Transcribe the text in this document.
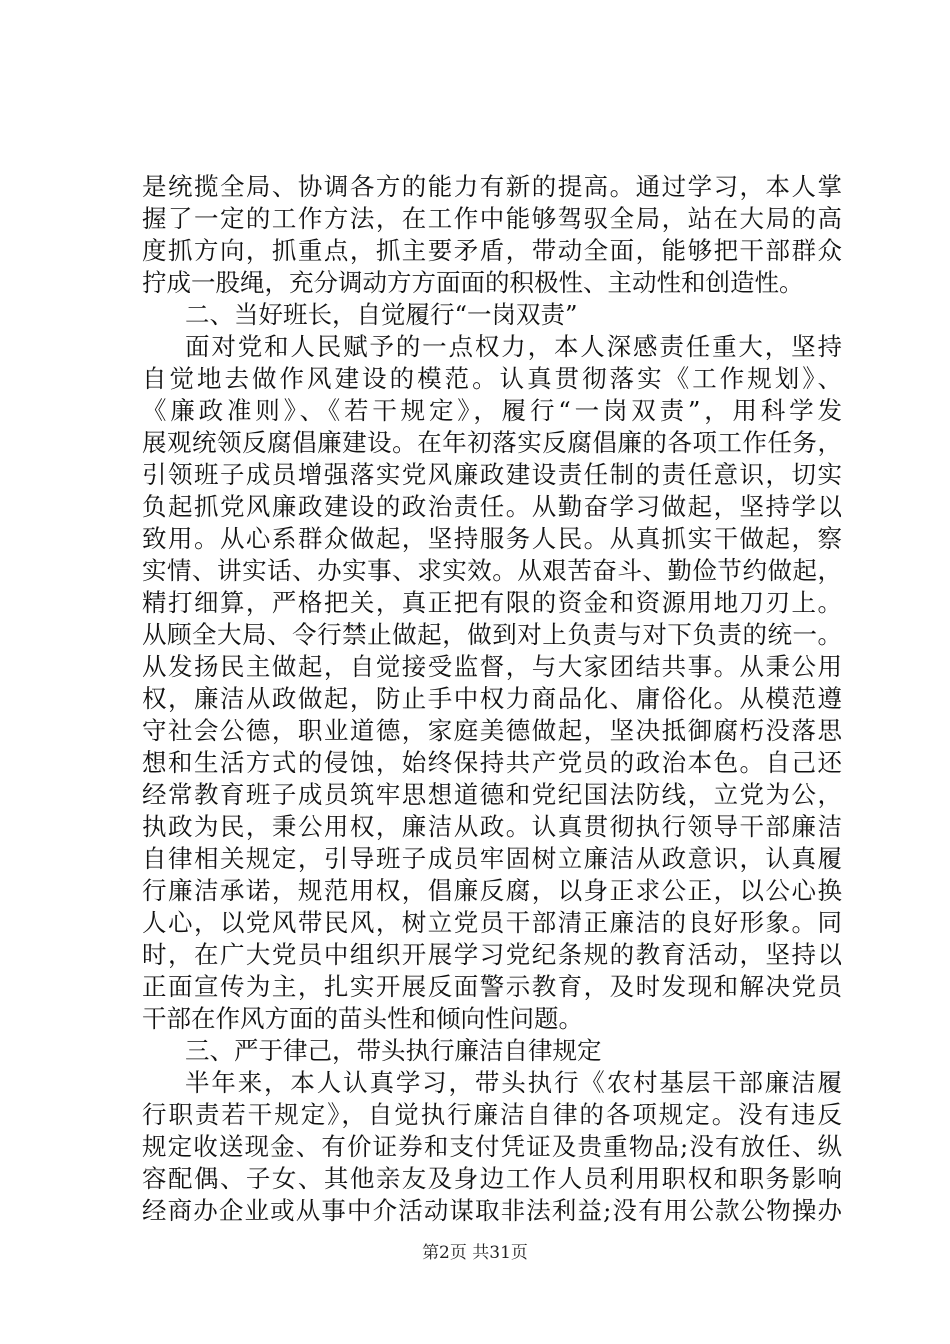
是统揽全局、协调各方的能力有新的提高。通过学习，本人掌
握了一定的工作方法，在工作中能够驾驭全局，站在大局的高
度抓方向，抓重点，抓主要矛盾，带动全面，能够把干部群众
拧成一股绳，充分调动方方面面的积极性、主动性和创造性。
二、当好班长，自觉履行“一岗双责”
面对党和人民赋予的一点权力，本人深感责任重大，坚持
自觉地去做作风建设的模范。认真贯彻落实《工作规划》、
《廉政准则》、《若干规定》，履行“一岗双责”，用科学发
展观统领反腐倡廉建设。在年初落实反腐倡廉的各项工作任务，
引领班子成员增强落实党风廉政建设责任制的责任意识，切实
负起抓党风廉政建设的政治责任。从勤奋学习做起，坚持学以
致用。从心系群众做起，坚持服务人民。从真抓实干做起，察
实情、讲实话、办实事、求实效。从艰苦奋斗、勤俭节约做起，
精打细算，严格把关，真正把有限的资金和资源用地刀刃上。
从顾全大局、令行禁止做起，做到对上负责与对下负责的统一。
从发扬民主做起，自觉接受监督，与大家团结共事。从秉公用
权，廉洁从政做起，防止手中权力商品化、庸俗化。从模范遵
守社会公德，职业道德，家庭美德做起，坚决抵御腐朽没落思
想和生活方式的侵蚀，始终保持共产党员的政治本色。自己还
经常教育班子成员筑牢思想道德和党纪国法防线，立党为公，
执政为民，秉公用权，廉洁从政。认真贯彻执行领导干部廉洁
自律相关规定，引导班子成员牢固树立廉洁从政意识，认真履
行廉洁承诺，规范用权，倡廉反腐，以身正求公正，以公心换
人心，以党风带民风，树立党员干部清正廉洁的良好形象。同
时，在广大党员中组织开展学习党纪条规的教育活动，坚持以
正面宣传为主，扎实开展反面警示教育，及时发现和解决党员
干部在作风方面的苗头性和倾向性问题。
三、严于律己，带头执行廉洁自律规定
半年来，本人认真学习，带头执行《农村基层干部廉洁履
行职责若干规定》，自觉执行廉洁自律的各项规定。没有违反
规定收送现金、有价证券和支付凭证及贵重物品;没有放任、纵
容配偶、子女、其他亲友及身边工作人员利用职权和职务影响
经商办企业或从事中介活动谋取非法利益;没有用公款公物操办
第2页 共31页
